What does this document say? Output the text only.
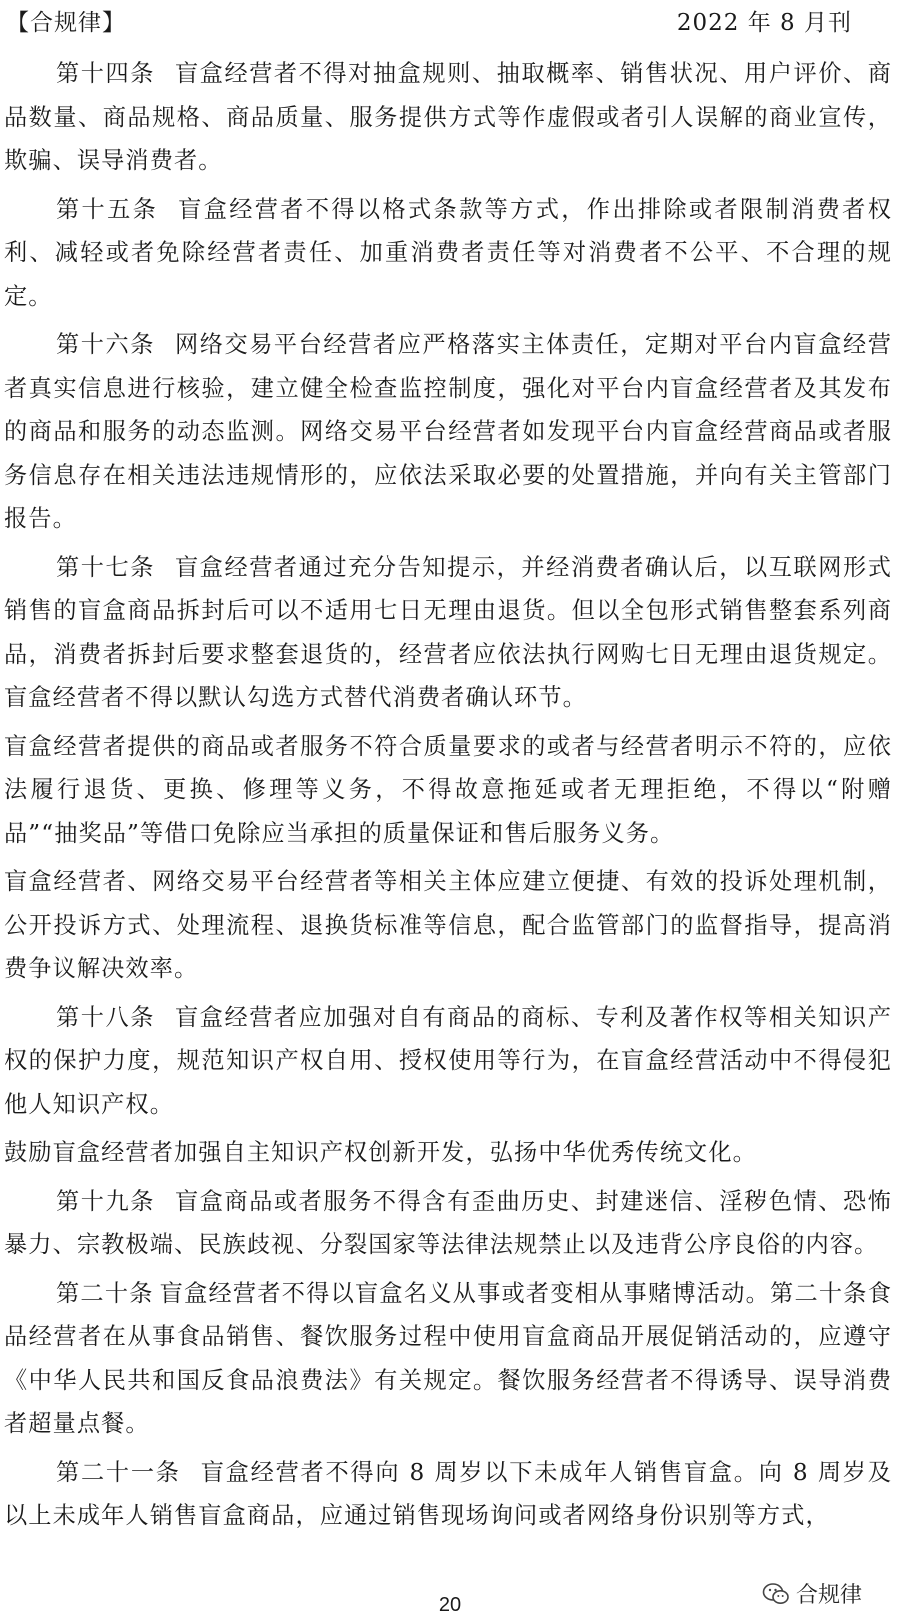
【合规律】	2022 年 8 月刊

第十四条 盲盒经营者不得对抽盒规则、抽取概率、销售状况、用户评价、商品数量、商品规格、商品质量、服务提供方式等作虚假或者引人误解的商业宣传，欺骗、误导消费者。

第十五条 盲盒经营者不得以格式条款等方式，作出排除或者限制消费者权利、减轻或者免除经营者责任、加重消费者责任等对消费者不公平、不合理的规定。

第十六条 网络交易平台经营者应严格落实主体责任，定期对平台内盲盒经营者真实信息进行核验，建立健全检查监控制度，强化对平台内盲盒经营者及其发布的商品和服务的动态监测。网络交易平台经营者如发现平台内盲盒经营商品或者服务信息存在相关违法违规情形的，应依法采取必要的处置措施，并向有关主管部门报告。

第十七条 盲盒经营者通过充分告知提示，并经消费者确认后，以互联网形式销售的盲盒商品拆封后可以不适用七日无理由退货。但以全包形式销售整套系列商品，消费者拆封后要求整套退货的，经营者应依法执行网购七日无理由退货规定。盲盒经营者不得以默认勾选方式替代消费者确认环节。

盲盒经营者提供的商品或者服务不符合质量要求的或者与经营者明示不符的，应依法履行退货、更换、修理等义务，不得故意拖延或者无理拒绝，不得以“附赠品”“抽奖品”等借口免除应当承担的质量保证和售后服务义务。

盲盒经营者、网络交易平台经营者等相关主体应建立便捷、有效的投诉处理机制，公开投诉方式、处理流程、退换货标准等信息，配合监管部门的监督指导，提高消费争议解决效率。

第十八条 盲盒经营者应加强对自有商品的商标、专利及著作权等相关知识产权的保护力度，规范知识产权自用、授权使用等行为，在盲盒经营活动中不得侵犯他人知识产权。

鼓励盲盒经营者加强自主知识产权创新开发，弘扬中华优秀传统文化。

第十九条 盲盒商品或者服务不得含有歪曲历史、封建迷信、淫秽色情、恐怖暴力、宗教极端、民族歧视、分裂国家等法律法规禁止以及违背公序良俗的内容。

第二十条 盲盒经营者不得以盲盒名义从事或者变相从事赌博活动。第二十条食品经营者在从事食品销售、餐饮服务过程中使用盲盒商品开展促销活动的，应遵守《中华人民共和国反食品浪费法》有关规定。餐饮服务经营者不得诱导、误导消费者超量点餐。

第二十一条 盲盒经营者不得向 8 周岁以下未成年人销售盲盒。向 8 周岁及以上未成年人销售盲盒商品，应通过销售现场询问或者网络身份识别等方式，

20	合规律
